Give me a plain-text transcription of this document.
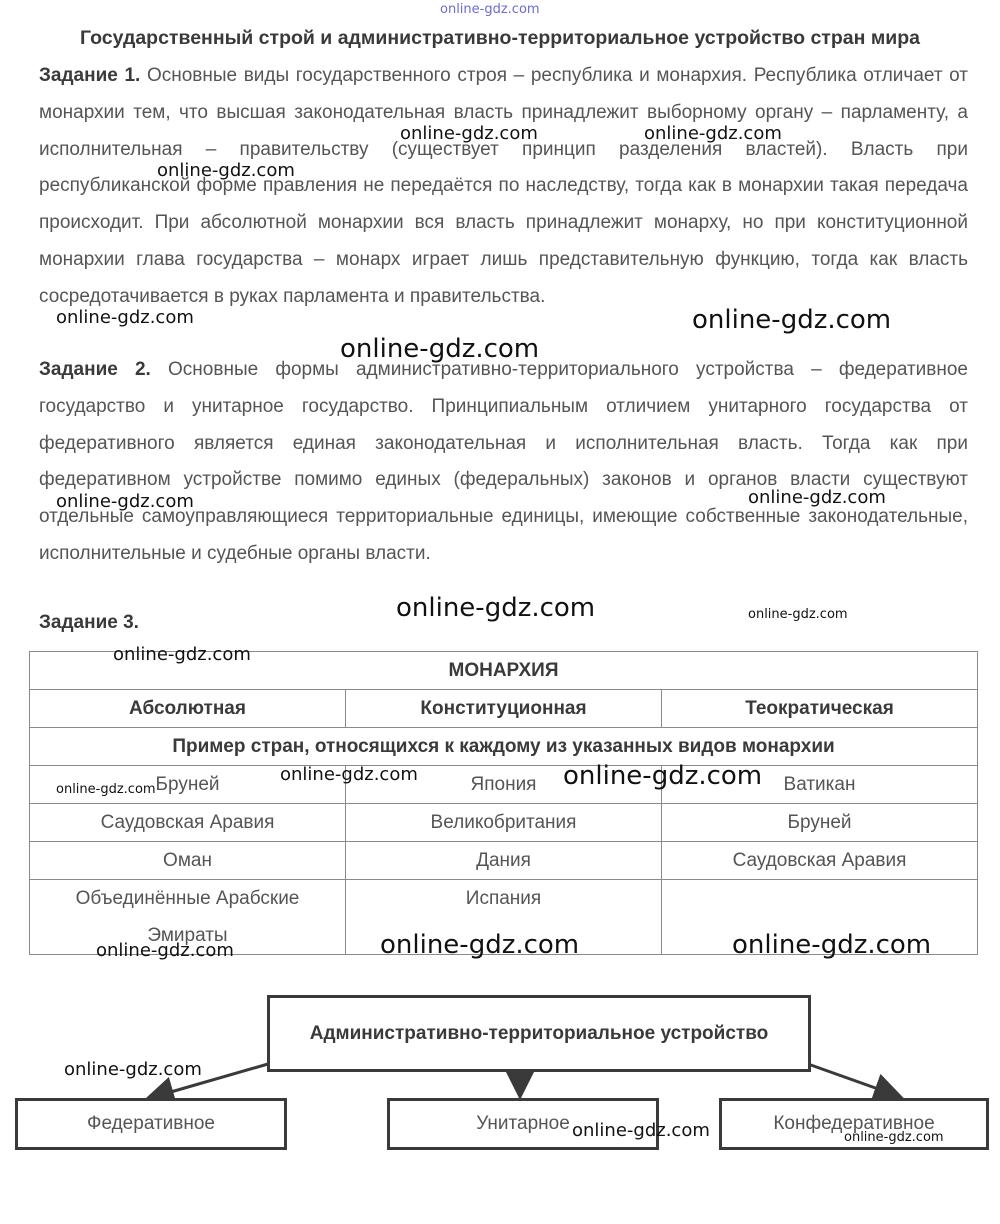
Государственный строй и административно-территориальное устройство стран мира

Задание 1. Основные виды государственного строя – республика и монархия. Республика отличает от монархии тем, что высшая законодательная власть принадлежит выборному органу – парламенту, а исполнительная – правительству (существует принцип разделения властей). Власть при республиканской форме правления не передаётся по наследству, тогда как в монархии такая передача происходит. При абсолютной монархии вся власть принадлежит монарху, но при конституционной монархии глава государства – монарх играет лишь представительную функцию, тогда как власть сосредотачивается в руках парламента и правительства.

Задание 2. Основные формы административно-территориального устройства – федеративное государство и унитарное государство. Принципиальным отличием унитарного государства от федеративного является единая законодательная и исполнительная власть. Тогда как при федеративном устройстве помимо единых (федеральных) законов и органов власти существуют отдельные самоуправляющиеся территориальные единицы, имеющие собственные законодательные, исполнительные и судебные органы власти.

Задание 3.
МОНАРХИЯ		
Абсолютная	Конституционная	Теократическая
Пример стран, относящихся к каждому из указанных видов монархии		
Бруней	Япония	Ватикан
Саудовская Аравия	Великобритания	Бруней
Оман	Дания	Саудовская Аравия
Объединённые Арабские Эмираты	Испания	
Административно-территориальное устройство
Федеративное	Унитарное	Конфедеративное
online-gdz.com
online-gdz.com	online-gdz.com
online-gdz.com
online-gdz.com	online-gdz.com
online-gdz.com
online-gdz.com	online-gdz.com
online-gdz.com	online-gdz.com
online-gdz.com
online-gdz.com	online-gdz.com
online-gdz.com
online-gdz.com	online-gdz.com
online-gdz.com
online-gdz.com
online-gdz.com	online-gdz.com
